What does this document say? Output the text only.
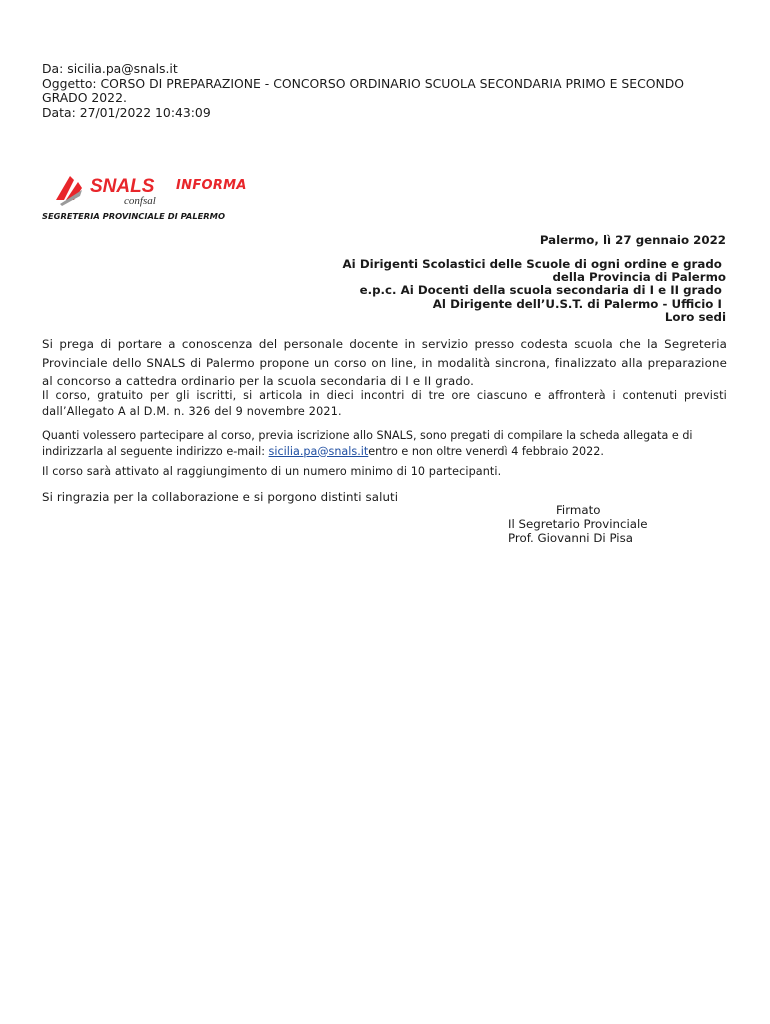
Da: sicilia.pa@snals.it
Oggetto: CORSO DI PREPARAZIONE - CONCORSO ORDINARIO SCUOLA SECONDARIA PRIMO E SECONDO
GRADO 2022.
Data: 27/01/2022 10:43:09
SNALS
confsal
INFORMA
SEGRETERIA PROVINCIALE DI PALERMO
Palermo, lì 27 gennaio 2022
Ai Dirigenti Scolastici delle Scuole di ogni ordine e grado
della Provincia di Palermo
e.p.c. Ai Docenti della scuola secondaria di I e II grado
Al Dirigente dell’U.S.T. di Palermo - Ufficio I
Loro sedi
Si prega di portare a conoscenza del personale docente in servizio presso codesta scuola che la Segreteria Provinciale dello SNALS di Palermo propone un corso on line, in modalità sincrona, finalizzato alla preparazione al concorso a cattedra ordinario per la scuola secondaria di I e II grado.
Il corso, gratuito per gli iscritti, si articola in dieci incontri di tre ore ciascuno e affronterà i contenuti previsti dall’Allegato A al D.M. n. 326 del 9 novembre 2021.
Quanti volessero partecipare al corso, previa iscrizione allo SNALS, sono pregati di compilare la scheda allegata e di indirizzarla al seguente indirizzo e-mail: sicilia.pa@snals.itentro e non oltre venerdì 4 febbraio 2022.
Il corso sarà attivato al raggiungimento di un numero minimo di 10 partecipanti.
Si ringrazia per la collaborazione e si porgono distinti saluti
Firmato
Il Segretario Provinciale
Prof. Giovanni Di Pisa
